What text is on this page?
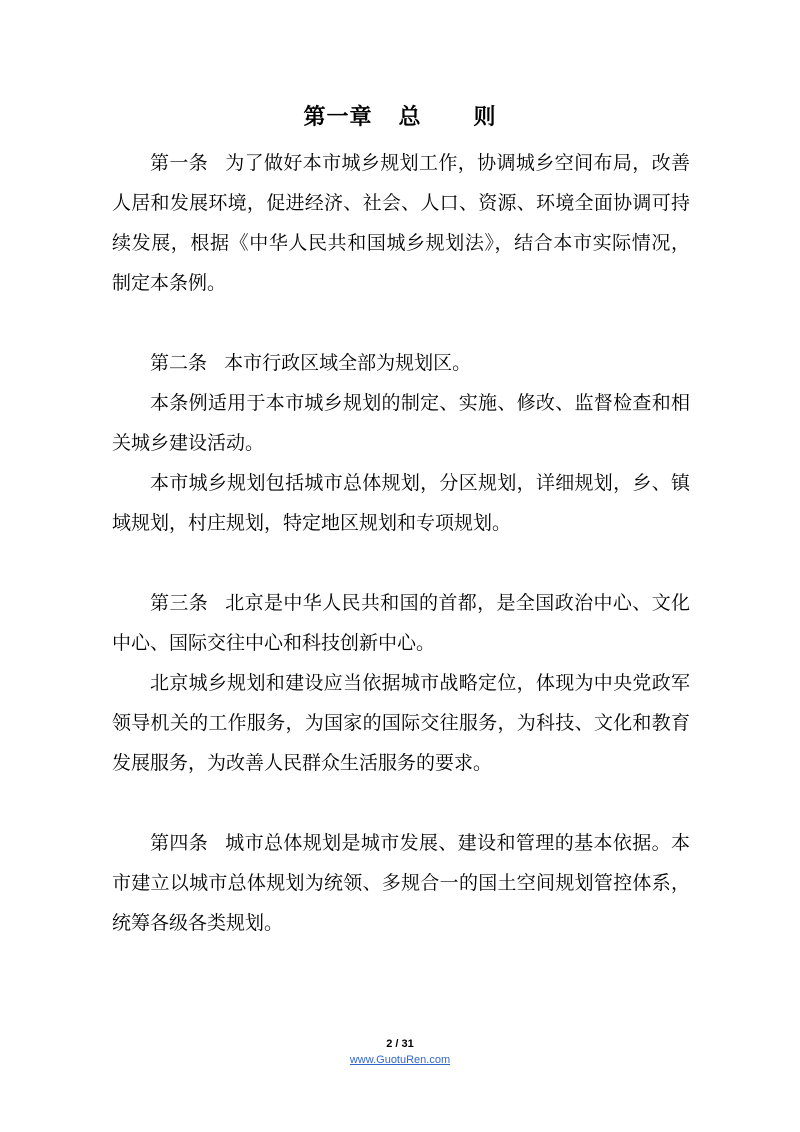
第一章   总      则

第一条 为了做好本市城乡规划工作，协调城乡空间布局，改善人居和发展环境，促进经济、社会、人口、资源、环境全面协调可持续发展，根据《中华人民共和国城乡规划法》，结合本市实际情况，制定本条例。

第二条 本市行政区域全部为规划区。

本条例适用于本市城乡规划的制定、实施、修改、监督检查和相关城乡建设活动。

本市城乡规划包括城市总体规划，分区规划，详细规划，乡、镇域规划，村庄规划，特定地区规划和专项规划。

第三条 北京是中华人民共和国的首都，是全国政治中心、文化中心、国际交往中心和科技创新中心。

北京城乡规划和建设应当依据城市战略定位，体现为中央党政军领导机关的工作服务，为国家的国际交往服务，为科技、文化和教育发展服务，为改善人民群众生活服务的要求。

第四条 城市总体规划是城市发展、建设和管理的基本依据。本市建立以城市总体规划为统领、多规合一的国土空间规划管控体系，统筹各级各类规划。

2 / 31
www.GuotuRen.com
